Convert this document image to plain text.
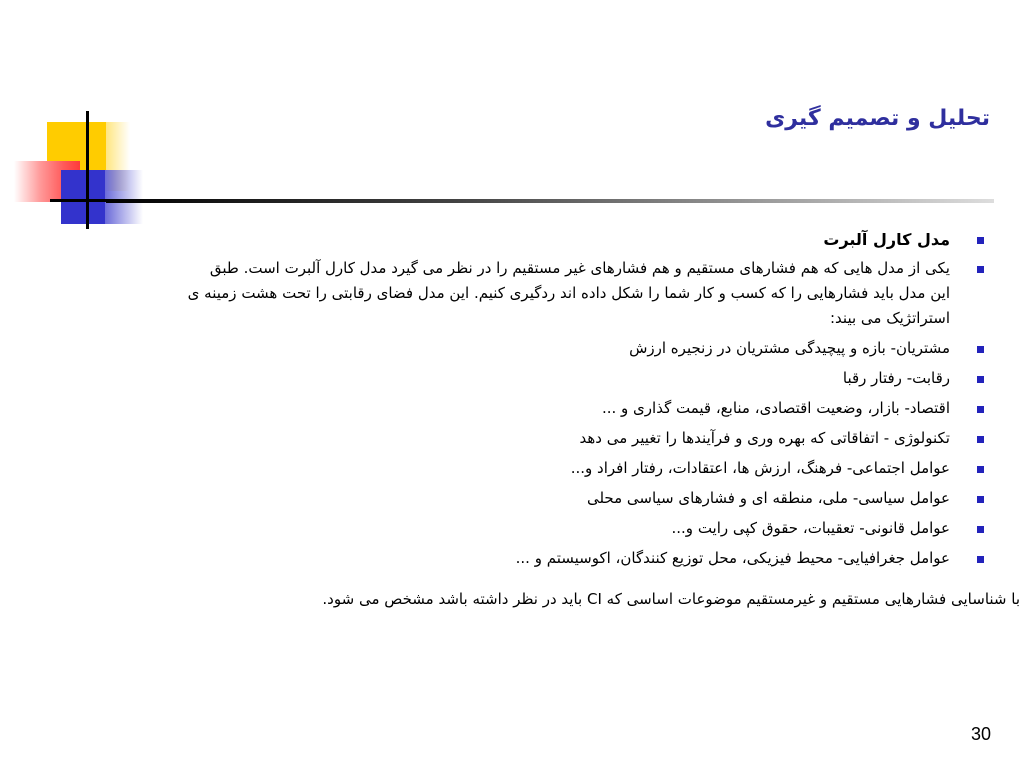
تحلیل و تصمیم گیری
مدل کارل آلبرت
یکی از مدل هایی که هم فشارهای مستقیم و هم فشارهای غیر مستقیم را در نظر می گیرد مدل کارل آلبرت است. طبق این مدل باید فشارهایی را که کسب و کار شما را شکل داده اند ردگیری کنیم. این مدل فضای رقابتی را تحت هشت زمینه ی استراتژیک می بیند:
مشتریان- بازه و پیچیدگی مشتریان در زنجیره ارزش
رقابت- رفتار رقبا
اقتصاد- بازار، وضعیت اقتصادی، منابع، قیمت گذاری و ...
تکنولوژی - اتفاقاتی که بهره وری و فرآیندها را تغییر می دهد
عوامل اجتماعی- فرهنگ، ارزش ها، اعتقادات، رفتار افراد و...
عوامل سیاسی- ملی، منطقه ای و فشارهای سیاسی محلی
عوامل قانونی- تعقیبات، حقوق کپی رایت و...
عوامل جغرافیایی- محیط فیزیکی، محل توزیع کنندگان، اکوسیستم و ...
با شناسایی فشارهایی مستقیم و غیرمستقیم موضوعات اساسی که CI باید در نظر داشته باشد مشخص می شود.
30
